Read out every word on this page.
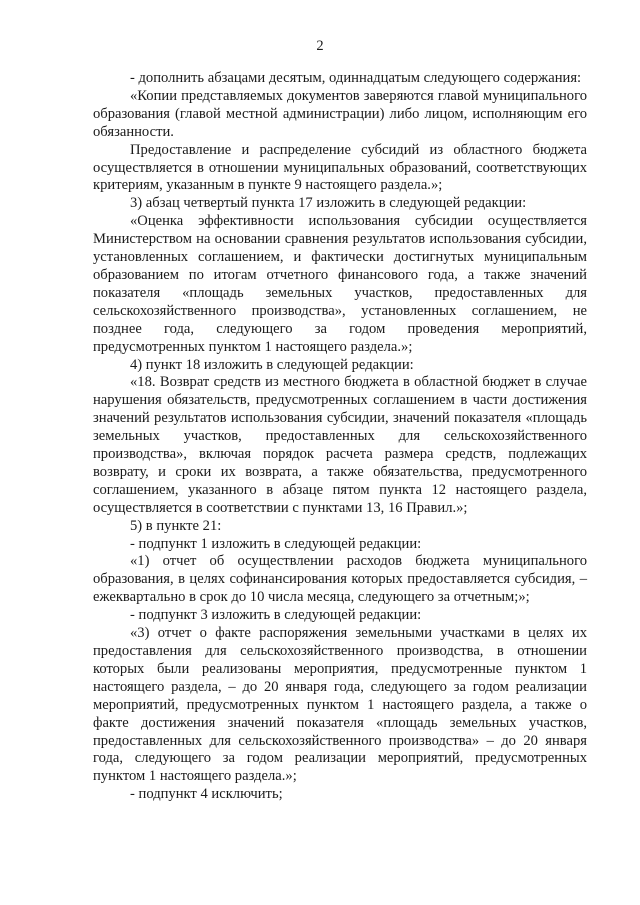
2

- дополнить абзацами десятым, одиннадцатым следующего содержания:

«Копии представляемых документов заверяются главой муниципального образования (главой местной администрации) либо лицом, исполняющим его обязанности.

Предоставление и распределение субсидий из областного бюджета осуществляется в отношении муниципальных образований, соответствующих критериям, указанным в пункте 9 настоящего раздела.»;

3) абзац четвертый пункта 17 изложить в следующей редакции:

«Оценка эффективности использования субсидии осуществляется Министерством на основании сравнения результатов использования субсидии, установленных соглашением, и фактически достигнутых муниципальным образованием по итогам отчетного финансового года, а также значений показателя «площадь земельных участков, предоставленных для сельскохозяйственного производства», установленных соглашением, не позднее года, следующего за годом проведения мероприятий, предусмотренных пунктом 1 настоящего раздела.»;

4) пункт 18 изложить в следующей редакции:

«18. Возврат средств из местного бюджета в областной бюджет в случае нарушения обязательств, предусмотренных соглашением в части достижения значений результатов использования субсидии, значений показателя «площадь земельных участков, предоставленных для сельскохозяйственного производства», включая порядок расчета размера средств, подлежащих возврату, и сроки их возврата, а также обязательства, предусмотренного соглашением, указанного в абзаце пятом пункта 12 настоящего раздела, осуществляется в соответствии с пунктами 13, 16 Правил.»;

5) в пункте 21:

- подпункт 1 изложить в следующей редакции:

«1) отчет об осуществлении расходов бюджета муниципального образования, в целях софинансирования которых предоставляется субсидия, – ежеквартально в срок до 10 числа месяца, следующего за отчетным;»;

- подпункт 3 изложить в следующей редакции:

«3) отчет о факте распоряжения земельными участками в целях их предоставления для сельскохозяйственного производства, в отношении которых были реализованы мероприятия, предусмотренные пунктом 1 настоящего раздела, – до 20 января года, следующего за годом реализации мероприятий, предусмотренных пунктом 1 настоящего раздела, а также о факте достижения значений показателя «площадь земельных участков, предоставленных для сельскохозяйственного производства» – до 20 января года, следующего за годом реализации мероприятий, предусмотренных пунктом 1 настоящего раздела.»;

- подпункт 4 исключить;
